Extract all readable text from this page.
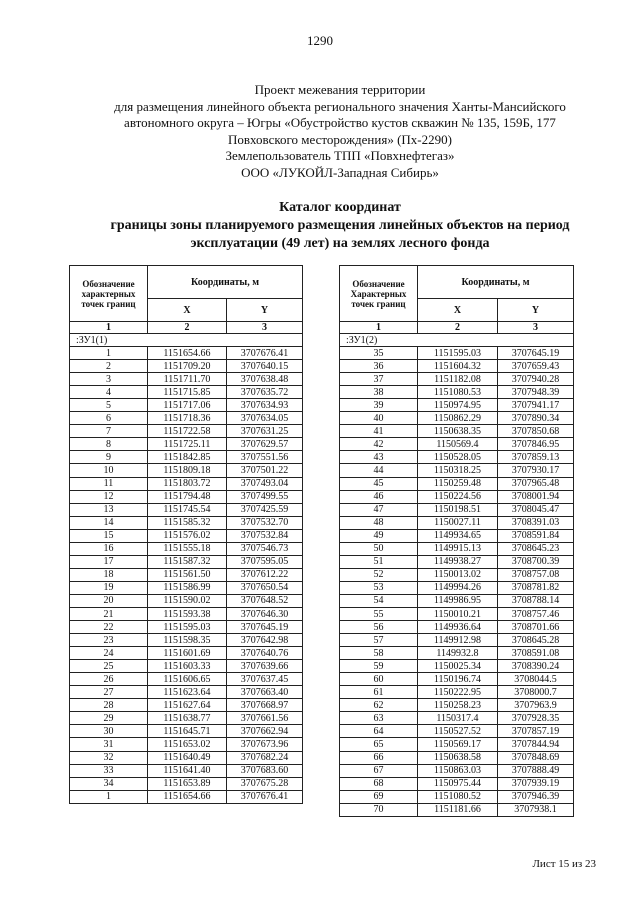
1290
Проект межевания территории
для размещения линейного объекта регионального значения Ханты-Мансийского
автономного округа – Югры «Обустройство кустов скважин № 135, 159Б, 177
Повховского месторождения» (Пх-2290)
Землепользователь ТПП «Повхнефтегаз»
ООО «ЛУКОЙЛ-Западная Сибирь»
Каталог координат
границы зоны планируемого размещения линейных объектов на период
эксплуатации (49 лет) на землях лесного фонда
Обозначение характерных точек границ	Координаты, м	
	X	Y
1	2	3
:ЗУ1(1)		
1	1151654.66	3707676.41
2	1151709.20	3707640.15
3	1151711.70	3707638.48
4	1151715.85	3707635.72
5	1151717.06	3707634.93
6	1151718.36	3707634.05
7	1151722.58	3707631.25
8	1151725.11	3707629.57
9	1151842.85	3707551.56
10	1151809.18	3707501.22
11	1151803.72	3707493.04
12	1151794.48	3707499.55
13	1151745.54	3707425.59
14	1151585.32	3707532.70
15	1151576.02	3707532.84
16	1151555.18	3707546.73
17	1151587.32	3707595.05
18	1151561.50	3707612.22
19	1151586.99	3707650.54
20	1151590.02	3707648.52
21	1151593.38	3707646.30
22	1151595.03	3707645.19
23	1151598.35	3707642.98
24	1151601.69	3707640.76
25	1151603.33	3707639.66
26	1151606.65	3707637.45
27	1151623.64	3707663.40
28	1151627.64	3707668.97
29	1151638.77	3707661.56
30	1151645.71	3707662.94
31	1151653.02	3707673.96
32	1151640.49	3707682.24
33	1151641.40	3707683.60
34	1151653.89	3707675.28
1	1151654.66	3707676.41
Обозначение Характерных точек границ	Координаты, м	
	X	Y
1	2	3
:ЗУ1(2)		
35	1151595.03	3707645.19
36	1151604.32	3707659.43
37	1151182.08	3707940.28
38	1151080.53	3707948.39
39	1150974.95	3707941.17
40	1150862.29	3707890.34
41	1150638.35	3707850.68
42	1150569.4	3707846.95
43	1150528.05	3707859.13
44	1150318.25	3707930.17
45	1150259.48	3707965.48
46	1150224.56	3708001.94
47	1150198.51	3708045.47
48	1150027.11	3708391.03
49	1149934.65	3708591.84
50	1149915.13	3708645.23
51	1149938.27	3708700.39
52	1150013.02	3708757.08
53	1149994.26	3708781.82
54	1149986.95	3708788.14
55	1150010.21	3708757.46
56	1149936.64	3708701.66
57	1149912.98	3708645.28
58	1149932.8	3708591.08
59	1150025.34	3708390.24
60	1150196.74	3708044.5
61	1150222.95	3708000.7
62	1150258.23	3707963.9
63	1150317.4	3707928.35
64	1150527.52	3707857.19
65	1150569.17	3707844.94
66	1150638.58	3707848.69
67	1150863.03	3707888.49
68	1150975.44	3707939.19
69	1151080.52	3707946.39
70	1151181.66	3707938.1
Лист 15 из 23
